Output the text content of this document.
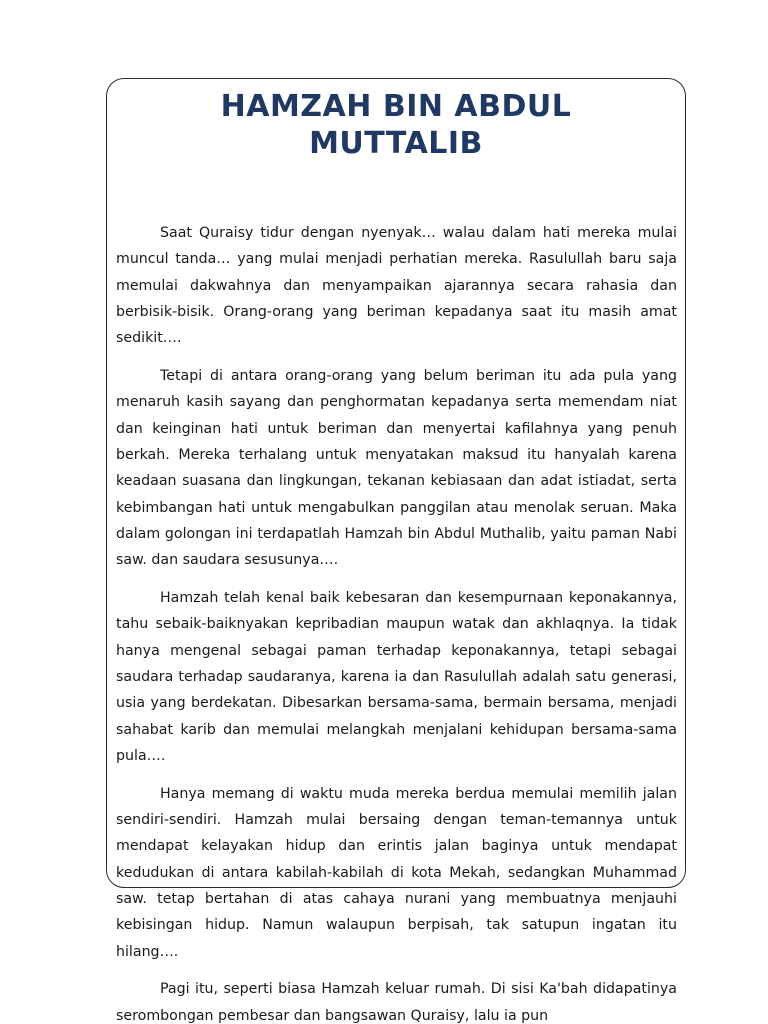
HAMZAH BIN ABDUL
MUTTALIB

Saat Quraisy tidur dengan nyenyak… walau dalam hati mereka mulai muncul tanda… yang mulai menjadi perhatian mereka. Rasulullah baru saja memulai dakwahnya dan menyampaikan ajarannya secara rahasia dan berbisik-bisik. Orang-orang yang beriman kepadanya saat itu masih amat sedikit….

Tetapi di antara orang-orang yang belum beriman itu ada pula yang menaruh kasih sayang dan penghormatan kepadanya serta memendam niat dan keinginan hati untuk beriman dan menyertai kafilahnya yang penuh berkah. Mereka terhalang untuk menyatakan maksud itu hanyalah karena keadaan suasana dan lingkungan, tekanan kebiasaan dan adat istiadat, serta kebimbangan hati untuk mengabulkan panggilan atau menolak seruan. Maka dalam golongan ini terdapatlah Hamzah bin Abdul Muthalib, yaitu paman Nabi saw. dan saudara sesusunya….

Hamzah telah kenal baik kebesaran dan kesempurnaan keponakannya, tahu sebaik-baiknyakan kepribadian maupun watak dan akhlaqnya. Ia tidak hanya mengenal sebagai paman terhadap keponakannya, tetapi sebagai saudara terhadap saudaranya, karena ia dan Rasulullah adalah satu generasi, usia yang berdekatan. Dibesarkan bersama-sama, bermain bersama, menjadi sahabat karib dan memulai melangkah menjalani kehidupan bersama-sama pula….

Hanya memang di waktu muda mereka berdua memulai memilih jalan sendiri-sendiri. Hamzah mulai bersaing dengan teman-temannya untuk mendapat kelayakan hidup dan erintis jalan baginya untuk mendapat kedudukan di antara kabilah-kabilah di kota Mekah, sedangkan Muhammad saw. tetap bertahan di atas cahaya nurani yang membuatnya menjauhi kebisingan hidup. Namun walaupun berpisah, tak satupun ingatan itu hilang….

Pagi itu, seperti biasa Hamzah keluar rumah. Di sisi Ka'bah didapatinya serombongan pembesar dan bangsawan Quraisy, lalu ia pun
